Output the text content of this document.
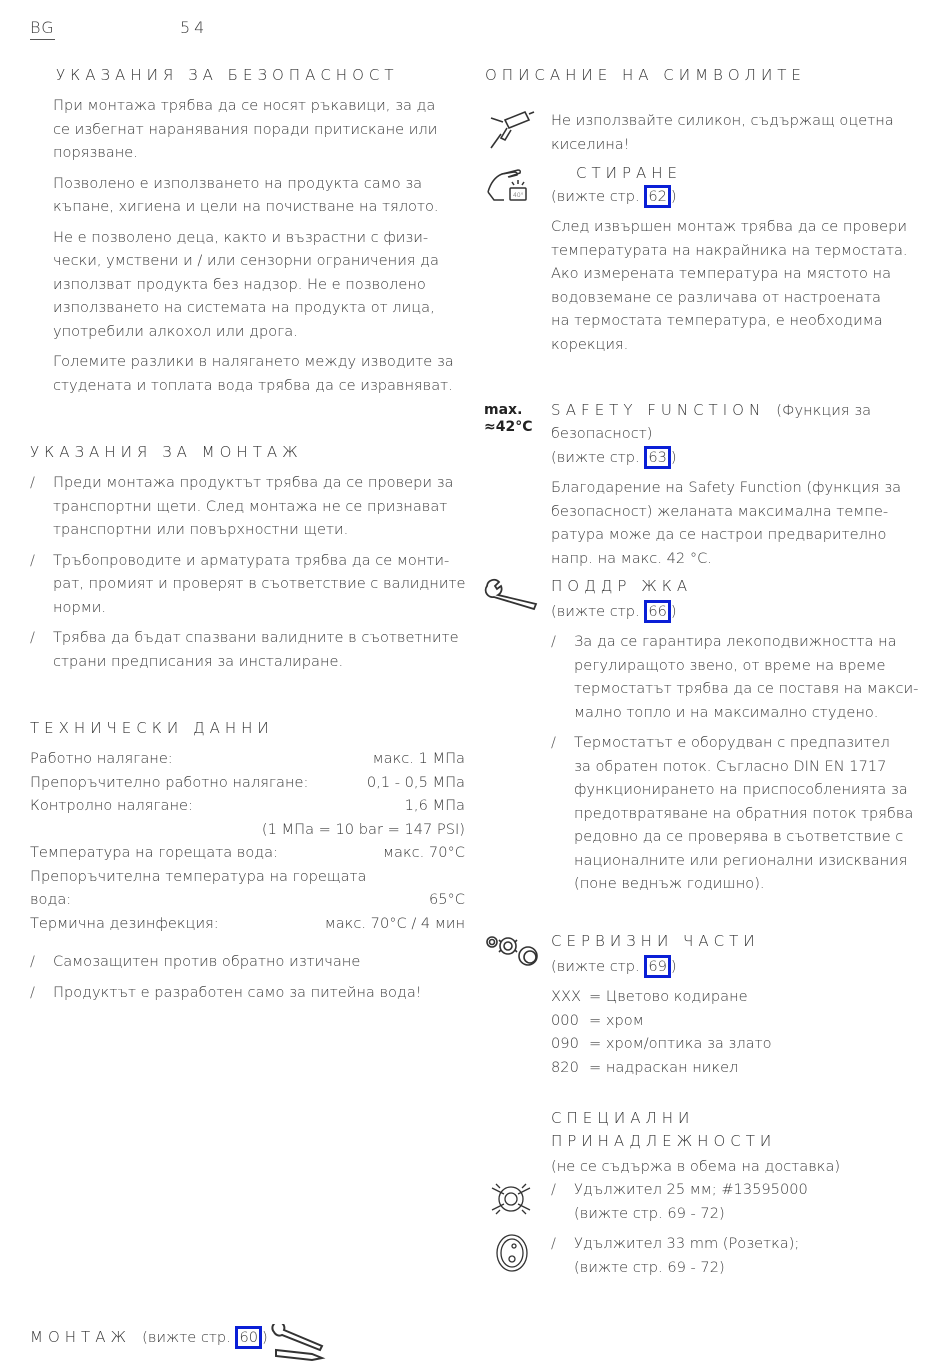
BG	54
УКАЗАНИЯ ЗА БЕЗОПАСНОСТ
При монтажа трябва да се носят ръкавици, за да
се избегнат наранявания поради притискане или
порязване.
Позволено е използването на продукта само за
къпане, хигиена и цели на почистване на тялото.
Не е позволено деца, както и възрастни с физи-
чески, умствени и / или сензорни ограничения да
използват продукта без надзор. Не е позволено
използването на системата на продукта от лица,
употребили алкохол или дрога.
Големите разлики в налягането между изводите за
студената и топлата вода трябва да се изравняват.
УКАЗАНИЯ ЗА МОНТАЖ
/ Преди монтажа продуктът трябва да се провери за
транспортни щети. След монтажа не се признават
транспортни или повърхностни щети.
/ Тръбопроводите и арматурата трябва да се монти-
рат, промият и проверят в съответствие с валидните
норми.
/ Трябва да бъдат спазвани валидните в съответните
страни предписания за инсталиране.
ТЕХНИЧЕСКИ ДАННИ
Работно налягане:	макс. 1 MПa
Препоръчително работно налягане:	0,1 - 0,5 MПa
Контролно налягане:	1,6 MПa
(1 MПa = 10 bar = 147 PSI)
Температура на горещата вода:	макс. 70°C
Препоръчителна температура на горещата
вода:	65°C
Термична дезинфекция:	макс. 70°C / 4 мин
/ Самозащитен против обратно изтичане
/ Продуктът е разработен само за питейна вода!
МОНТАЖ (вижте стр. 60 )
ОПИСАНИЕ НА СИМВОЛИТЕ
Не използвайте силикон, съдържащ оцетна
киселина!
40°
СТИРАНЕ
(вижте стр. 62 )
След извършен монтаж трябва да се провери
температурата на накрайника на термостата.
Ако измерената температура на мястото на
водовземане се различава от настроената
на термостата температура, е необходима
корекция.
max.
≈42°C
SAFETY FUNCTION (Функция за
безопасност)
(вижте стр. 63 )
Благодарение на Safety Function (функция за
безопасност) желаната максимална темпе-
ратура може да се настрои предварително
напр. на макс. 42 °C.
ПОДДР ЖКА
(вижте стр. 66 )
/ За да се гарантира лекоподвижността на
регулиращото звено, от време на време
термостатът трябва да се поставя на макси-
мално топло и на максимално студено.
/ Термостатът е оборудван с предпазител
за обратен поток. Съгласно DIN EN 1717
функционирането на приспособленията за
предотвратяване на обратния поток трябва
редовно да се проверява в съответствие с
националните или регионални изисквания
(поне веднъж годишно).
СЕРВИЗНИ ЧАСТИ
(вижте стр. 69 )
XXX = Цветово кодиране
000 = хром
090 = хром/оптика за злато
820 = надраскан никел
СПЕЦИАЛНИ
ПРИНАДЛЕЖНОСТИ
(не се съдържа в обема на доставка)
/ Удължител 25 мм; #13595000
(вижте стр. 69 - 72)
/ Удължител 33 mm (Розетка);
(вижте стр. 69 - 72)
